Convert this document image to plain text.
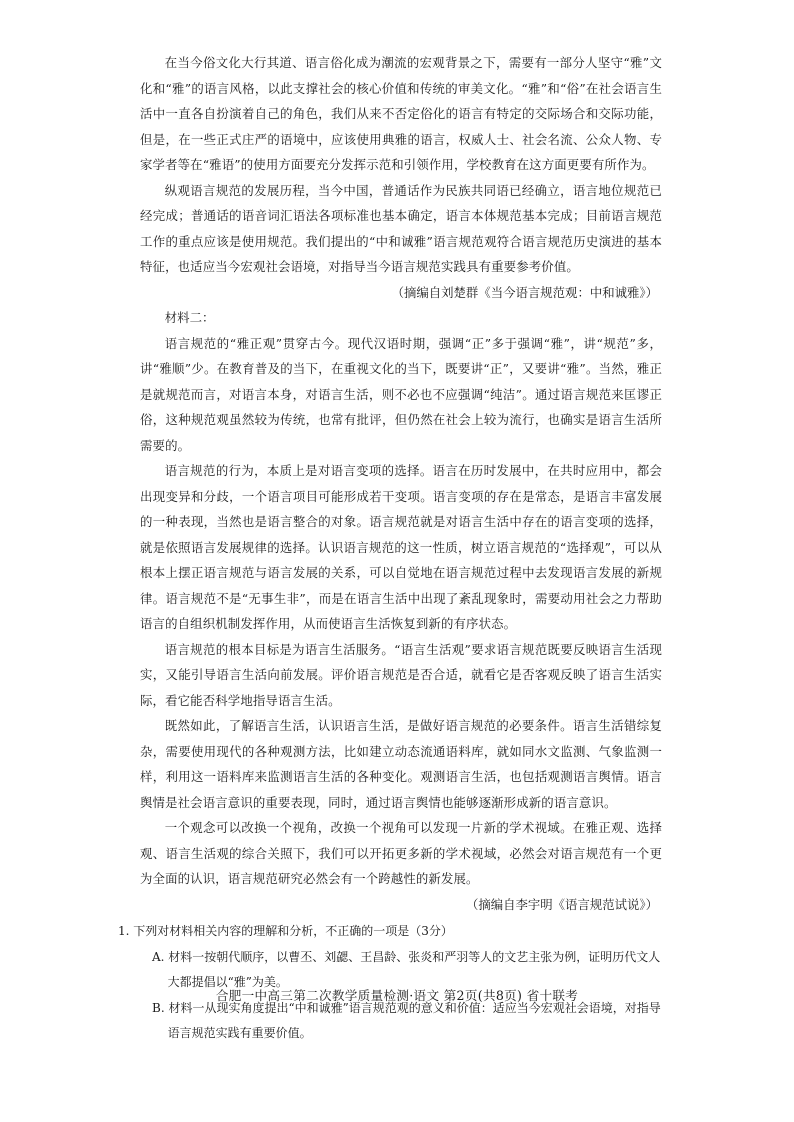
在当今俗文化大行其道、语言俗化成为潮流的宏观背景之下，需要有一部分人坚守“雅”文化和“雅”的语言风格，以此支撑社会的核心价值和传统的审美文化。“雅”和“俗”在社会语言生活中一直各自扮演着自己的角色，我们从来不否定俗化的语言有特定的交际场合和交际功能，但是，在一些正式庄严的语境中，应该使用典雅的语言，权威人士、社会名流、公众人物、专家学者等在“雅语”的使用方面要充分发挥示范和引领作用，学校教育在这方面更要有所作为。

纵观语言规范的发展历程，当今中国，普通话作为民族共同语已经确立，语言地位规范已经完成；普通话的语音词汇语法各项标准也基本确定，语言本体规范基本完成；目前语言规范工作的重点应该是使用规范。我们提出的“中和诚雅”语言规范观符合语言规范历史演进的基本特征，也适应当今宏观社会语境，对指导当今语言规范实践具有重要参考价值。

（摘编自刘楚群《当今语言规范观：中和诚雅》）

材料二：

语言规范的“雅正观”贯穿古今。现代汉语时期，强调“正”多于强调“雅”，讲“规范”多，讲“雅顺”少。在教育普及的当下，在重视文化的当下，既要讲“正”，又要讲“雅”。当然，雅正是就规范而言，对语言本身，对语言生活，则不必也不应强调“纯洁”。通过语言规范来匡谬正俗，这种规范观虽然较为传统，也常有批评，但仍然在社会上较为流行，也确实是语言生活所需要的。

语言规范的行为，本质上是对语言变项的选择。语言在历时发展中，在共时应用中，都会出现变异和分歧，一个语言项目可能形成若干变项。语言变项的存在是常态，是语言丰富发展的一种表现，当然也是语言整合的对象。语言规范就是对语言生活中存在的语言变项的选择，就是依照语言发展规律的选择。认识语言规范的这一性质，树立语言规范的“选择观”，可以从根本上摆正语言规范与语言发展的关系，可以自觉地在语言规范过程中去发现语言发展的新规律。语言规范不是“无事生非”，而是在语言生活中出现了紊乱现象时，需要动用社会之力帮助语言的自组织机制发挥作用，从而使语言生活恢复到新的有序状态。

语言规范的根本目标是为语言生活服务。“语言生活观”要求语言规范既要反映语言生活现实，又能引导语言生活向前发展。评价语言规范是否合适，就看它是否客观反映了语言生活实际，看它能否科学地指导语言生活。

既然如此，了解语言生活，认识语言生活，是做好语言规范的必要条件。语言生活错综复杂，需要使用现代的各种观测方法，比如建立动态流通语料库，就如同水文监测、气象监测一样，利用这一语料库来监测语言生活的各种变化。观测语言生活，也包括观测语言舆情。语言舆情是社会语言意识的重要表现，同时，通过语言舆情也能够逐渐形成新的语言意识。

一个观念可以改换一个视角，改换一个视角可以发现一片新的学术视域。在雅正观、选择观、语言生活观的综合关照下，我们可以开拓更多新的学术视域，必然会对语言规范有一个更为全面的认识，语言规范研究必然会有一个跨越性的新发展。

（摘编自李宇明《语言规范试说》）

1. 下列对材料相关内容的理解和分析，不正确的一项是（3分）

A. 材料一按朝代顺序，以曹丕、刘勰、王昌龄、张炎和严羽等人的文艺主张为例，证明历代文人大都提倡以“雅”为美。

B. 材料一从现实角度提出“中和诚雅”语言规范观的意义和价值：适应当今宏观社会语境，对指导语言规范实践有重要价值。

合肥一中高三第二次教学质量检测·语文 第2页(共8页) 省十联考
